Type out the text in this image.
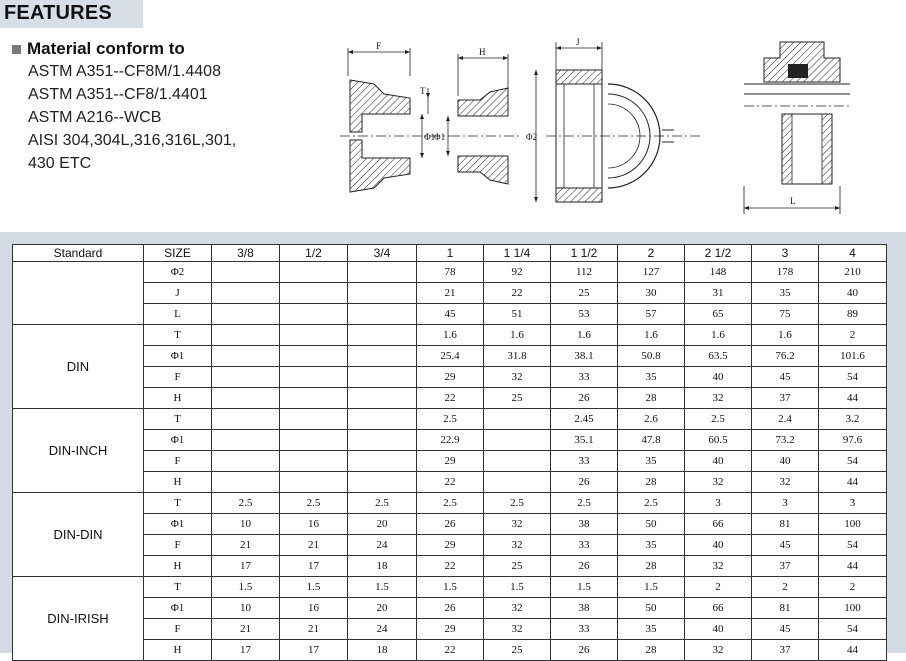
FEATURES
Material conform to
ASTM A351--CF8M/1.4408
ASTM A351--CF8/1.4401
ASTM A216--WCB
AISI 304,304L,316,316L,301,
430 ETC
F
Φ1
T
H
Φ1
J
Φ2
L
Standard	SIZE	3/8	1/2	3/4	1	1 1/4	1 1/2	2	2 1/2	3	4
	Φ2				78	92	112	127	148	178	210
	J				21	22	25	30	31	35	40
	L				45	51	53	57	65	75	89
DIN	T				1.6	1.6	1.6	1.6	1.6	1.6	2
	Φ1				25.4	31.8	38.1	50.8	63.5	76.2	101.6
	F				29	32	33	35	40	45	54
	H				22	25	26	28	32	37	44
DIN-INCH	T				2.5		2.45	2.6	2.5	2.4	3.2
	Φ1				22.9		35.1	47.8	60.5	73.2	97.6
	F				29		33	35	40	40	54
	H				22		26	28	32	32	44
DIN-DIN	T	2.5	2.5	2.5	2.5	2.5	2.5	2.5	3	3	3
	Φ1	10	16	20	26	32	38	50	66	81	100
	F	21	21	24	29	32	33	35	40	45	54
	H	17	17	18	22	25	26	28	32	37	44
DIN-IRISH	T	1.5	1.5	1.5	1.5	1.5	1.5	1.5	2	2	2
	Φ1	10	16	20	26	32	38	50	66	81	100
	F	21	21	24	29	32	33	35	40	45	54
	H	17	17	18	22	25	26	28	32	37	44
